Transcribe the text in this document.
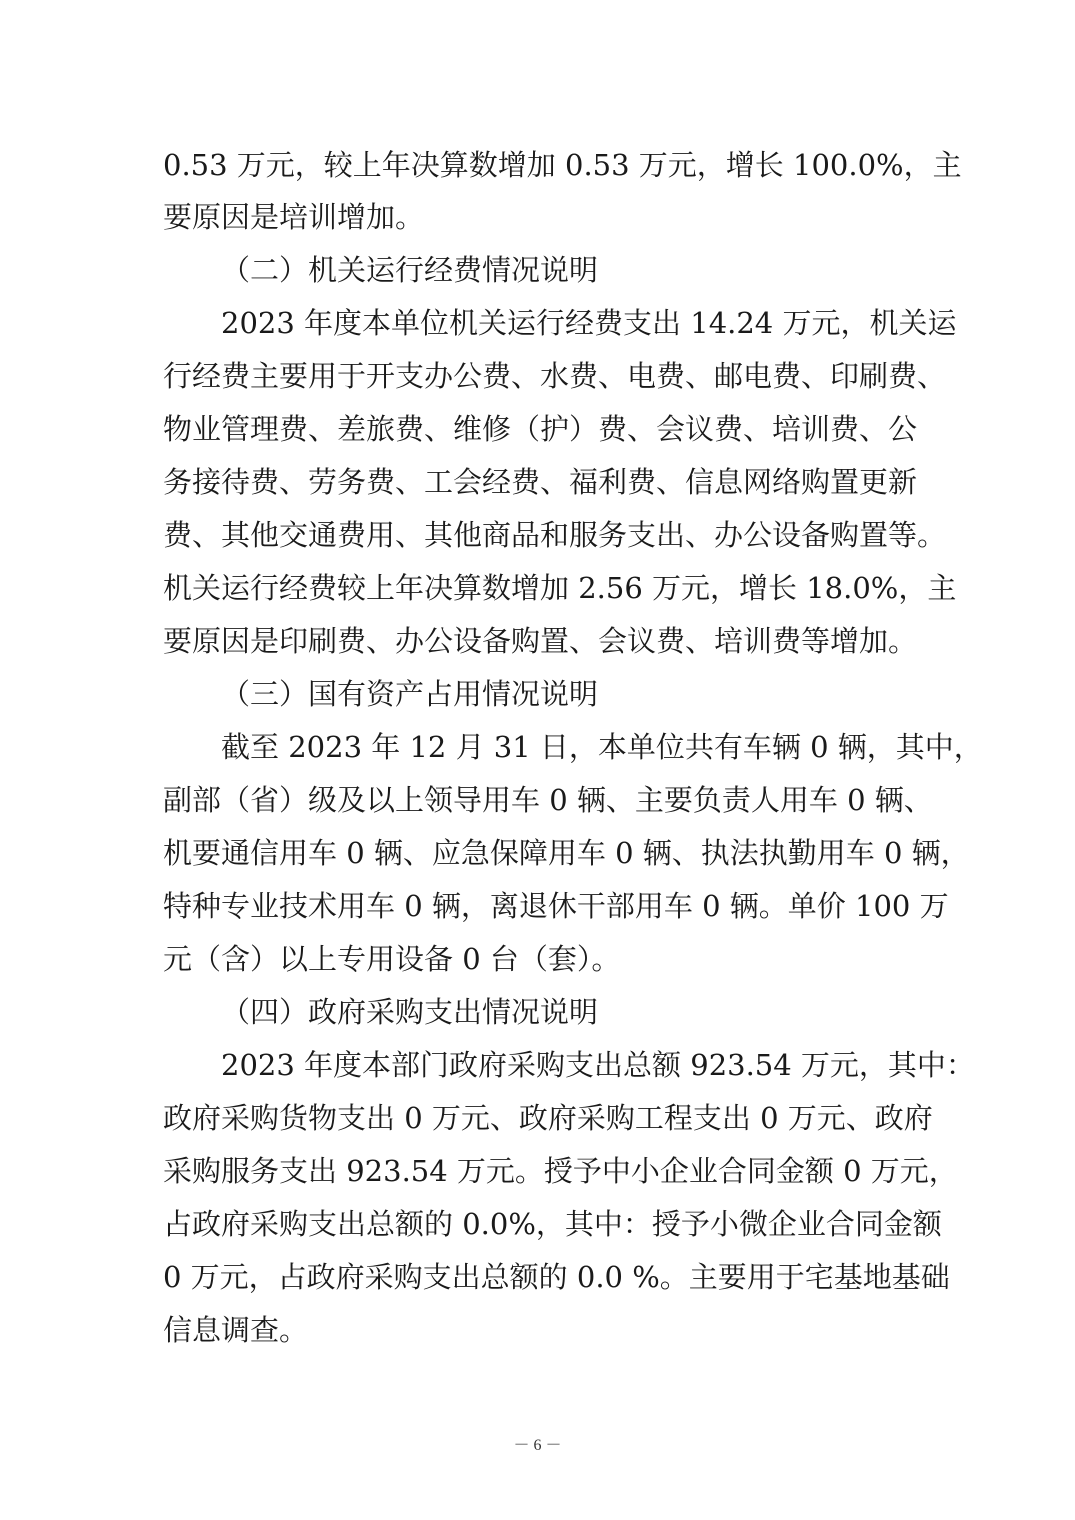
0.53 万元，较上年决算数增加 0.53 万元，增长 100.0%，主
要原因是培训增加。
（二）机关运行经费情况说明
2023 年度本单位机关运行经费支出 14.24 万元，机关运
行经费主要用于开支办公费、水费、电费、邮电费、印刷费、
物业管理费、差旅费、维修（护）费、会议费、培训费、公
务接待费、劳务费、工会经费、福利费、信息网络购置更新
费、其他交通费用、其他商品和服务支出、办公设备购置等。
机关运行经费较上年决算数增加 2.56 万元，增长 18.0%，主
要原因是印刷费、办公设备购置、会议费、培训费等增加。
（三）国有资产占用情况说明
截至 2023 年 12 月 31 日，本单位共有车辆 0 辆，其中，
副部（省）级及以上领导用车 0 辆、主要负责人用车 0 辆、
机要通信用车 0 辆、应急保障用车 0 辆、执法执勤用车 0 辆，
特种专业技术用车 0 辆，离退休干部用车 0 辆。单价 100 万
元（含）以上专用设备 0 台（套）。
（四）政府采购支出情况说明
2023 年度本部门政府采购支出总额 923.54 万元，其中：
政府采购货物支出 0 万元、政府采购工程支出 0 万元、政府
采购服务支出 923.54 万元。授予中小企业合同金额 0 万元，
占政府采购支出总额的 0.0%，其中：授予小微企业合同金额
0 万元，占政府采购支出总额的 0.0 %。主要用于宅基地基础
信息调查。
－ 6 －
